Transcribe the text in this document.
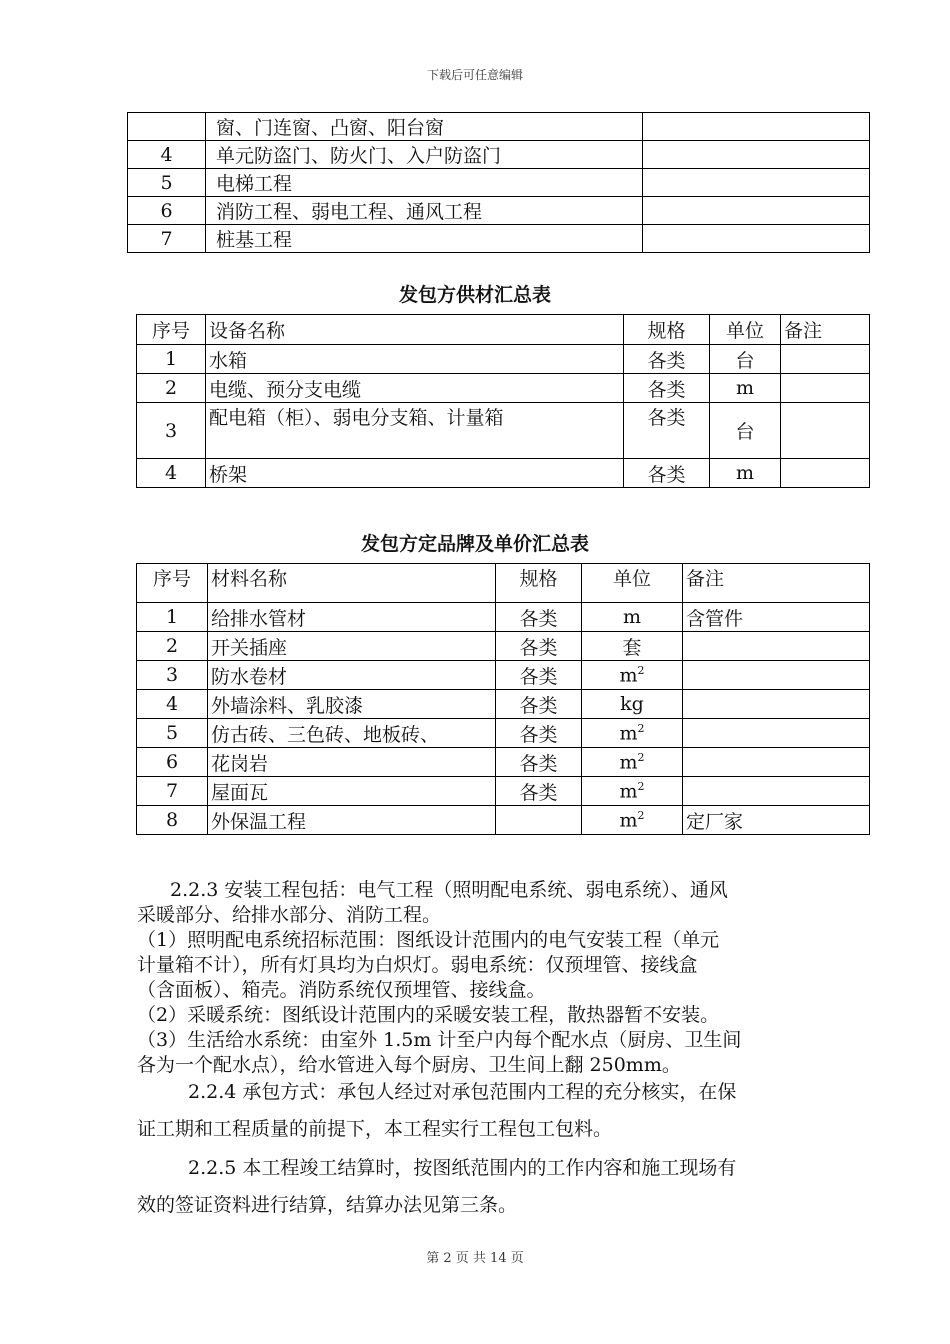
下载后可任意编辑
	窗、门连窗、凸窗、阳台窗	
4	单元防盗门、防火门、入户防盗门	
5	电梯工程	
6	消防工程、弱电工程、通风工程	
7	桩基工程	
发包方供材汇总表
序号	设备名称	规格	单位	备注
1	水箱	各类	台	
2	电缆、预分支电缆	各类	m	
3	配电箱（柜）、弱电分支箱、计量箱	各类	台	
4	桥架	各类	m	
发包方定品牌及单价汇总表
序号	材料名称	规格	单位	备注
1	给排水管材	各类	m	含管件
2	开关插座	各类	套	
3	防水卷材	各类	$m^2$	
4	外墙涂料、乳胶漆	各类	kg	
5	仿古砖、三色砖、地板砖、	各类	$m^2$	
6	花岗岩	各类	$m^2$	
7	屋面瓦	各类	$m^2$	
8	外保温工程		$m^2$	定厂家
2.2.3 安装工程包括：电气工程（照明配电系统、弱电系统）、通风
采暖部分、给排水部分、消防工程。
（1）照明配电系统招标范围：图纸设计范围内的电气安装工程（单元
计量箱不计），所有灯具均为白炽灯。弱电系统：仅预埋管、接线盒
（含面板）、箱壳。消防系统仅预埋管、接线盒。
（2）采暖系统：图纸设计范围内的采暖安装工程，散热器暂不安装。
（3）生活给水系统：由室外 1.5m 计至户内每个配水点（厨房、卫生间
各为一个配水点），给水管进入每个厨房、卫生间上翻 250mm。
2.2.4 承包方式：承包人经过对承包范围内工程的充分核实，在保
证工期和工程质量的前提下，本工程实行工程包工包料。
2.2.5 本工程竣工结算时，按图纸范围内的工作内容和施工现场有
效的签证资料进行结算，结算办法见第三条。
第 2 页 共 14 页
